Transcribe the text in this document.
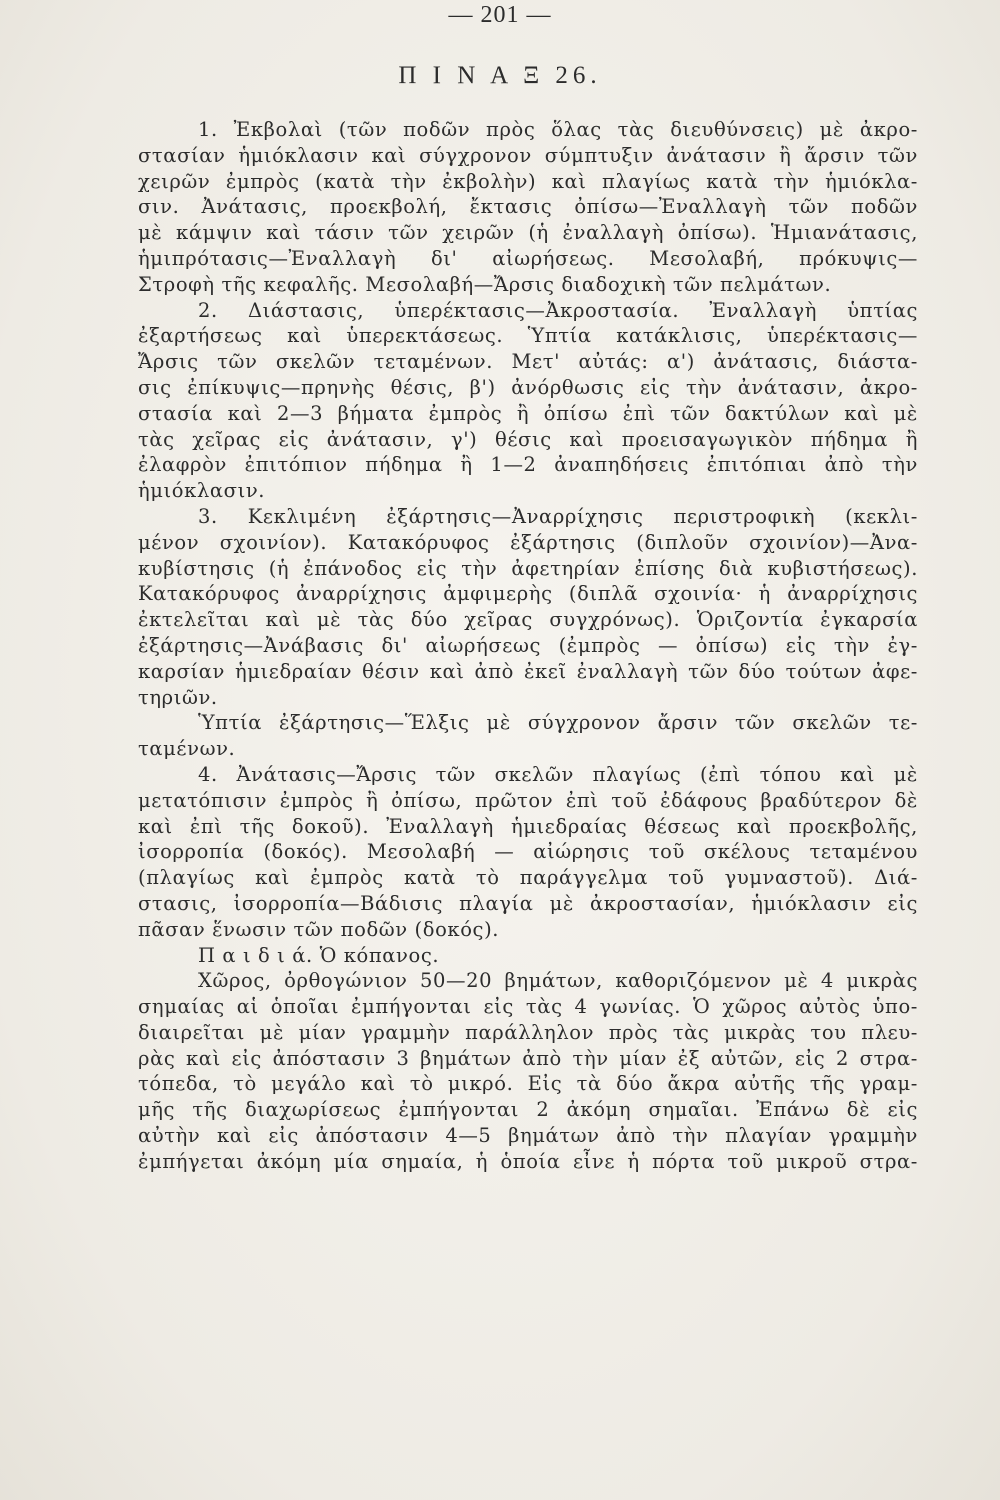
— 201 —
Π Ι Ν Α Ξ 26.
1. Ἐκβολαὶ (τῶν ποδῶν πρὸς ὅλας τὰς διευθύνσεις) μὲ ἀκρο-
στασίαν ἡμιόκλασιν καὶ σύγχρονον σύμπτυξιν ἀνάτασιν ἢ ἄρσιν τῶν
χειρῶν ἐμπρὸς (κατὰ τὴν ἐκβολὴν) καὶ πλαγίως κατὰ τὴν ἡμιόκλα-
σιν. Ἀνάτασις, προεκβολή, ἔκτασις ὀπίσω—Ἐναλλαγὴ τῶν ποδῶν
μὲ κάμψιν καὶ τάσιν τῶν χειρῶν (ἡ ἐναλλαγὴ ὀπίσω). Ἡμιανάτασις,
ἡμιπρότασις—Ἐναλλαγὴ δι' αἰωρήσεως. Μεσολαβή, πρόκυψις—
Στροφὴ τῆς κεφαλῆς. Μεσολαβή—Ἄρσις διαδοχικὴ τῶν πελμάτων.
2. Διάστασις, ὑπερέκτασις—Ἀκροστασία. Ἐναλλαγὴ ὑπτίας
ἐξαρτήσεως καὶ ὑπερεκτάσεως. Ὑπτία κατάκλισις, ὑπερέκτασις—
Ἄρσις τῶν σκελῶν τεταμένων. Μετ' αὐτάς: α') ἀνάτασις, διάστα-
σις ἐπίκυψις—πρηνὴς θέσις, β') ἀνόρθωσις εἰς τὴν ἀνάτασιν, ἀκρο-
στασία καὶ 2—3 βήματα ἐμπρὸς ἢ ὀπίσω ἐπὶ τῶν δακτύλων καὶ μὲ
τὰς χεῖρας εἰς ἀνάτασιν, γ') θέσις καὶ προεισαγωγικὸν πήδημα ἢ
ἐλαφρὸν ἐπιτόπιον πήδημα ἢ 1—2 ἀναπηδήσεις ἐπιτόπιαι ἀπὸ τὴν
ἡμιόκλασιν.
3. Κεκλιμένη ἐξάρτησις—Ἀναρρίχησις περιστροφικὴ (κεκλι-
μένον σχοινίον). Κατακόρυφος ἐξάρτησις (διπλοῦν σχοινίον)—Ἀνα-
κυβίστησις (ἡ ἐπάνοδος εἰς τὴν ἀφετηρίαν ἐπίσης διὰ κυβιστήσεως).
Κατακόρυφος ἀναρρίχησις ἀμφιμερὴς (διπλᾶ σχοινία· ἡ ἀναρρίχησις
ἐκτελεῖται καὶ μὲ τὰς δύο χεῖρας συγχρόνως). Ὁριζοντία ἐγκαρσία
ἐξάρτησις—Ἀνάβασις δι' αἰωρήσεως (ἐμπρὸς — ὀπίσω) εἰς τὴν ἐγ-
καρσίαν ἡμιεδραίαν θέσιν καὶ ἀπὸ ἐκεῖ ἐναλλαγὴ τῶν δύο τούτων ἀφε-
τηριῶν.
Ὑπτία ἐξάρτησις—Ἕλξις μὲ σύγχρονον ἄρσιν τῶν σκελῶν τε-
ταμένων.
4. Ἀνάτασις—Ἄρσις τῶν σκελῶν πλαγίως (ἐπὶ τόπου καὶ μὲ
μετατόπισιν ἐμπρὸς ἢ ὀπίσω, πρῶτον ἐπὶ τοῦ ἐδάφους βραδύτερον δὲ
καὶ ἐπὶ τῆς δοκοῦ). Ἐναλλαγὴ ἡμιεδραίας θέσεως καὶ προεκβολῆς,
ἰσορροπία (δοκός). Μεσολαβή — αἰώρησις τοῦ σκέλους τεταμένου
(πλαγίως καὶ ἐμπρὸς κατὰ τὸ παράγγελμα τοῦ γυμναστοῦ). Διά-
στασις, ἰσορροπία—Βάδισις πλαγία μὲ ἀκροστασίαν, ἡμιόκλασιν εἰς
πᾶσαν ἕνωσιν τῶν ποδῶν (δοκός).
Π α ι δ ι ά. Ὁ κόπανος.
Χῶρος, ὀρθογώνιον 50—20 βημάτων, καθοριζόμενον μὲ 4 μικρὰς
σημαίας αἱ ὁποῖαι ἐμπήγονται εἰς τὰς 4 γωνίας. Ὁ χῶρος αὐτὸς ὑπο-
διαιρεῖται μὲ μίαν γραμμὴν παράλληλον πρὸς τὰς μικρὰς του πλευ-
ρὰς καὶ εἰς ἀπόστασιν 3 βημάτων ἀπὸ τὴν μίαν ἐξ αὐτῶν, εἰς 2 στρα-
τόπεδα, τὸ μεγάλο καὶ τὸ μικρό. Εἰς τὰ δύο ἄκρα αὐτῆς τῆς γραμ-
μῆς τῆς διαχωρίσεως ἐμπήγονται 2 ἀκόμη σημαῖαι. Ἐπάνω δὲ εἰς
αὐτὴν καὶ εἰς ἀπόστασιν 4—5 βημάτων ἀπὸ τὴν πλαγίαν γραμμὴν
ἐμπήγεται ἀκόμη μία σημαία, ἡ ὁποία εἶνε ἡ πόρτα τοῦ μικροῦ στρα-
